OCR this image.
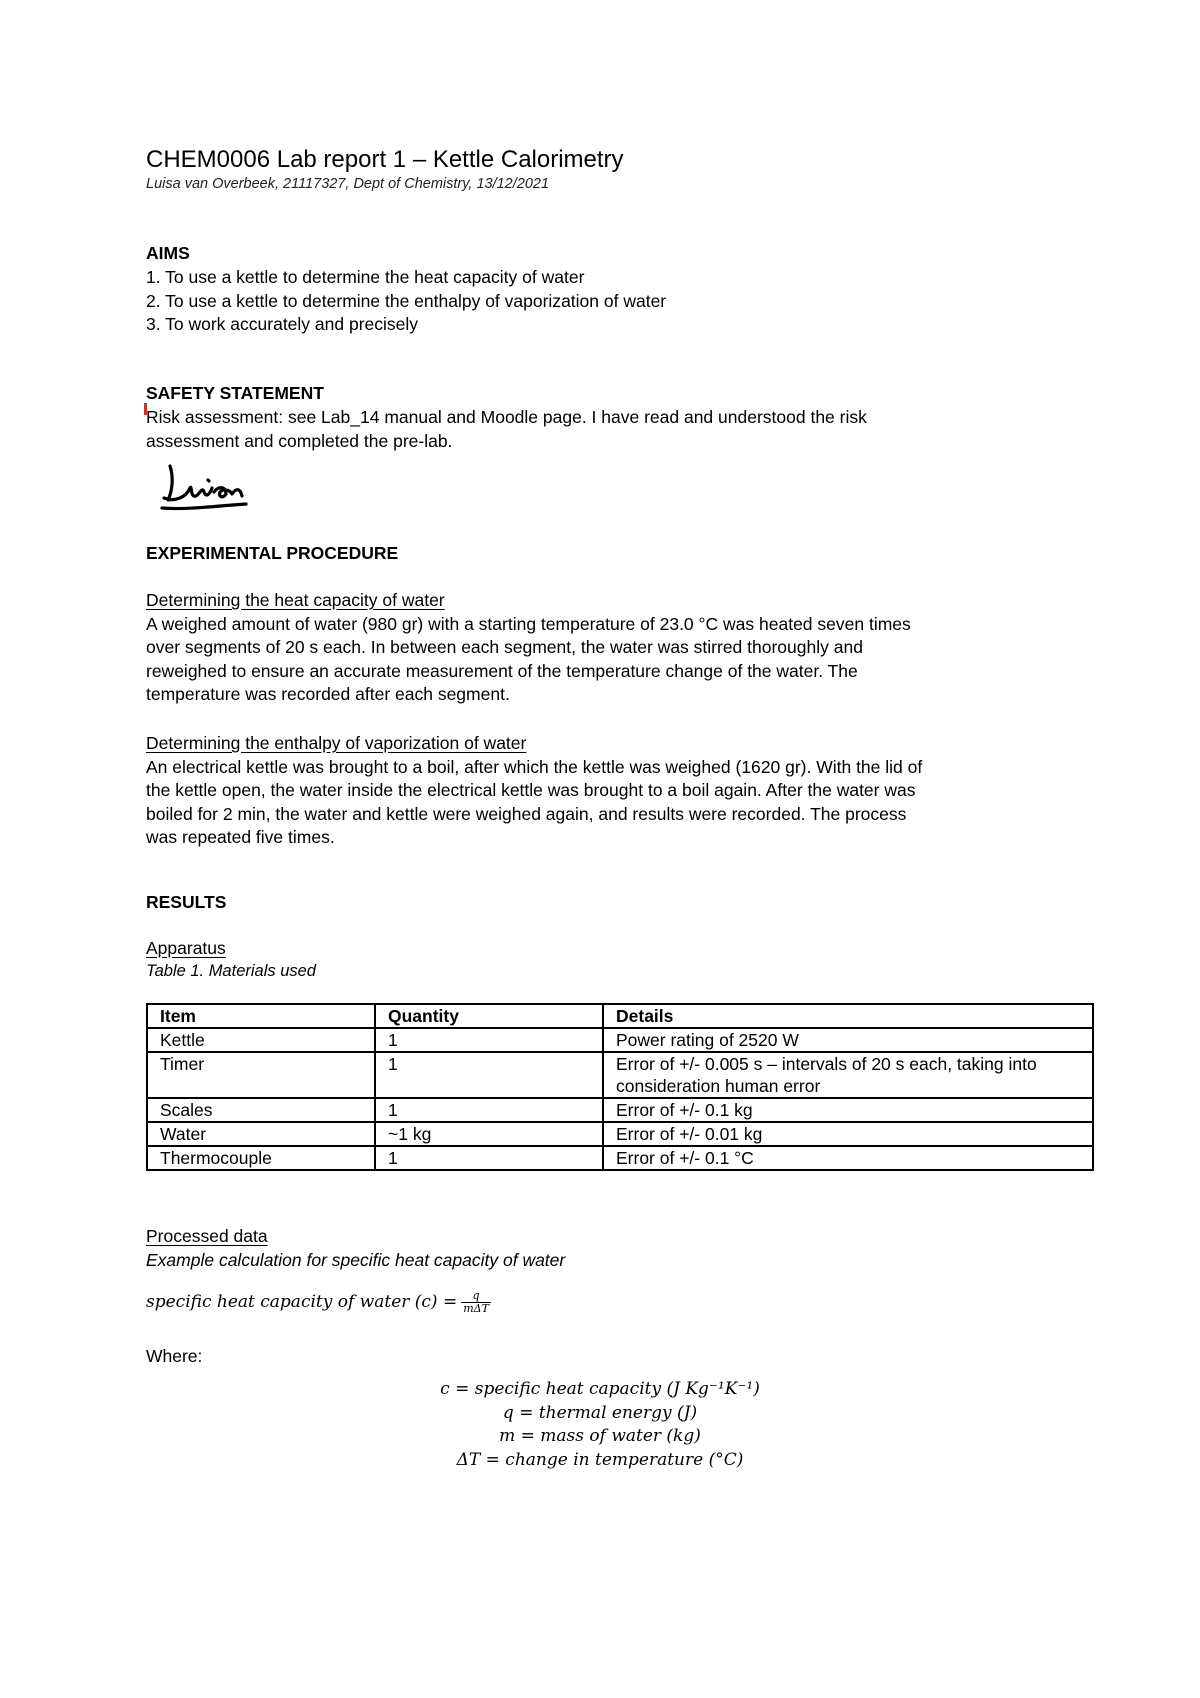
CHEM0006 Lab report 1 – Kettle Calorimetry
Luisa van Overbeek, 21117327, Dept of Chemistry, 13/12/2021
AIMS
1. To use a kettle to determine the heat capacity of water
2. To use a kettle to determine the enthalpy of vaporization of water
3. To work accurately and precisely
SAFETY STATEMENT
Risk assessment: see Lab_14 manual and Moodle page. I have read and understood the risk
assessment and completed the pre-lab.
EXPERIMENTAL PROCEDURE
Determining the heat capacity of water
A weighed amount of water (980 gr) with a starting temperature of 23.0 °C was heated seven times
over segments of 20 s each. In between each segment, the water was stirred thoroughly and
reweighed to ensure an accurate measurement of the temperature change of the water. The
temperature was recorded after each segment.
Determining the enthalpy of vaporization of water
An electrical kettle was brought to a boil, after which the kettle was weighed (1620 gr). With the lid of
the kettle open, the water inside the electrical kettle was brought to a boil again. After the water was
boiled for 2 min, the water and kettle were weighed again, and results were recorded. The process
was repeated five times.
RESULTS
Apparatus
Table 1. Materials used
Item	Quantity	Details
Kettle	1	Power rating of 2520 W
Timer	1	Error of +/- 0.005 s – intervals of 20 s each, taking into consideration human error
Scales	1	Error of +/- 0.1 kg
Water	~1 kg	Error of +/- 0.01 kg
Thermocouple	1	Error of +/- 0.1 °C
Processed data
Example calculation for specific heat capacity of water
specific heat capacity of water $(c) = \frac{q}{\text{mΔT}}$
Where:
c = specific heat capacity (J Kg⁻¹K⁻¹)
q = thermal energy (J)
m = mass of water (kg)
ΔT = change in temperature (°C)
